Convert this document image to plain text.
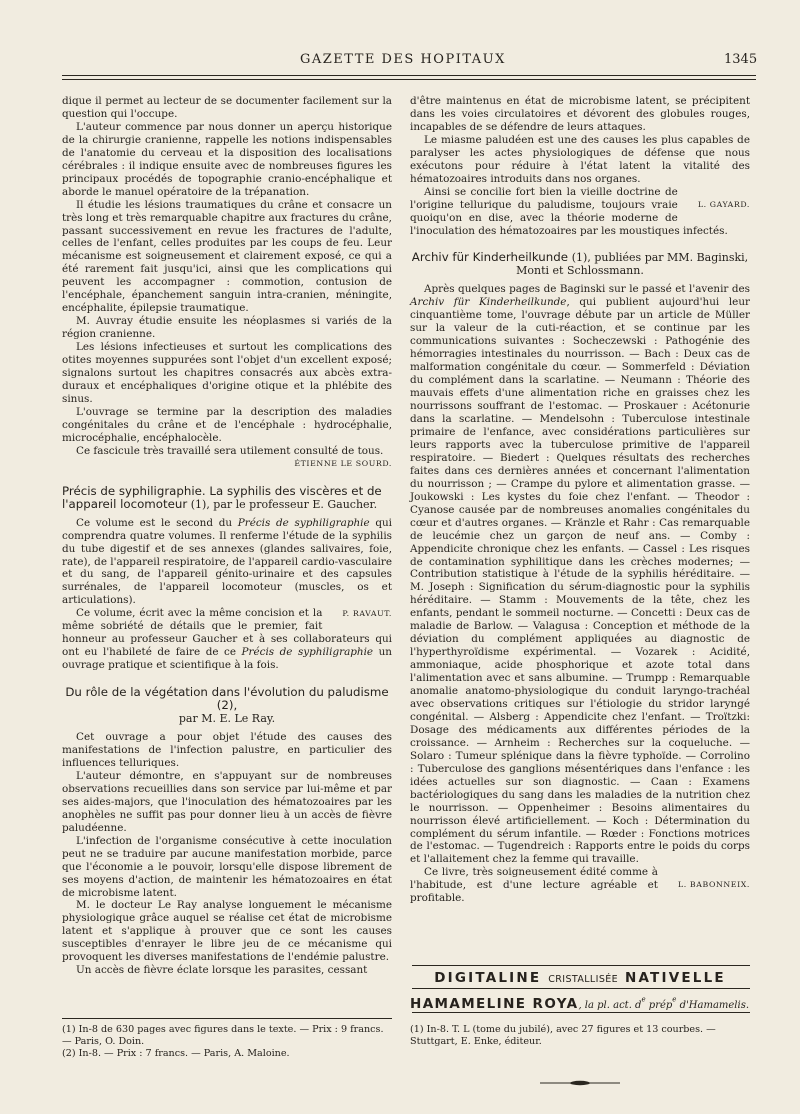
GAZETTE DES HOPITAUX	1345

dique il permet au lecteur de se documenter facilement sur la question qui l'occupe.

L'auteur commence par nous donner un aperçu historique de la chirurgie cranienne, rappelle les notions indispensables de l'anatomie du cerveau et la disposition des localisations cérébrales : il indique ensuite avec de nombreuses figures les principaux procédés de topographie cranio-encéphalique et aborde le manuel opératoire de la trépanation.

Il étudie les lésions traumatiques du crâne et consacre un très long et très remarquable chapitre aux fractures du crâne, passant successivement en revue les fractures de l'adulte, celles de l'enfant, celles produites par les coups de feu. Leur mécanisme est soigneusement et clairement exposé, ce qui a été rarement fait jusqu'ici, ainsi que les complications qui peuvent les accompagner : commotion, contusion de l'encéphale, épanchement sanguin intra-cranien, méningite, encéphalite, épilepsie traumatique.

M. Auvray étudie ensuite les néoplasmes si variés de la région cranienne.

Les lésions infectieuses et surtout les complications des otites moyennes suppurées sont l'objet d'un excellent exposé; signalons surtout les chapitres consacrés aux abcès extra-duraux et encéphaliques d'origine otique et la phlébite des sinus.

L'ouvrage se termine par la description des maladies congénitales du crâne et de l'encéphale : hydrocéphalie, microcéphalie, encéphalocèle.

Ce fascicule très travaillé sera utilement consulté de tous.

ÉTIENNE LE SOURD.
Précis de syphiligraphie. La syphilis des viscères et de l'appareil locomoteur (1), par le professeur E. Gaucher.

Ce volume est le second du Précis de syphiligraphie qui comprendra quatre volumes. Il renferme l'étude de la syphilis du tube digestif et de ses annexes (glandes salivaires, foie, rate), de l'appareil respiratoire, de l'appareil cardio-vasculaire et du sang, de l'appareil génito-urinaire et des capsules surrénales, de l'appareil locomoteur (muscles, os et articulations).

P. RAVAUT.
Ce volume, écrit avec la même concision et la même sobriété de détails que le premier, fait honneur au professeur Gaucher et à ses collaborateurs qui ont eu l'habileté de faire de ce Précis de syphiligraphie un ouvrage pratique et scientifique à la fois.

Du rôle de la végétation dans l'évolution du paludisme (2),
par M. E. Le Ray.

Cet ouvrage a pour objet l'étude des causes des manifestations de l'infection palustre, en particulier des influences telluriques.

L'auteur démontre, en s'appuyant sur de nombreuses observations recueillies dans son service par lui-même et par ses aides-majors, que l'inoculation des hématozoaires par les anophèles ne suffit pas pour donner lieu à un accès de fièvre paludéenne.

L'infection de l'organisme consécutive à cette inoculation peut ne se traduire par aucune manifestation morbide, parce que l'économie a le pouvoir, lorsqu'elle dispose librement de ses moyens d'action, de maintenir les hématozoaires en état de microbisme latent.

M. le docteur Le Ray analyse longuement le mécanisme physiologique grâce auquel se réalise cet état de microbisme latent et s'applique à prouver que ce sont les causes susceptibles d'enrayer le libre jeu de ce mécanisme qui provoquent les diverses manifestations de l'endémie palustre.

Un accès de fièvre éclate lorsque les parasites, cessant

(1) In-8 de 630 pages avec figures dans le texte. — Prix : 9 francs. — Paris, O. Doin.
(2) In-8. — Prix : 7 francs. — Paris, A. Maloine.

d'être maintenus en état de microbisme latent, se précipitent dans les voies circulatoires et dévorent des globules rouges, incapables de se défendre de leurs attaques.

Le miasme paludéen est une des causes les plus capables de paralyser les actes physiologiques de défense que nous exécutons pour réduire à l'état latent la vitalité des hématozoaires introduits dans nos organes.

L. GAYARD.
Ainsi se concilie fort bien la vieille doctrine de l'origine tellurique du paludisme, toujours vraie quoiqu'on en dise, avec la théorie moderne de l'inoculation des hématozoaires par les moustiques infectés.

Archiv für Kinderheilkunde (1), publiées par MM. Baginski,
Monti et Schlossmann.

Après quelques pages de Baginski sur le passé et l'avenir des Archiv für Kinderheilkunde, qui publient aujourd'hui leur cinquantième tome, l'ouvrage débute par un article de Müller sur la valeur de la cuti-réaction, et se continue par les communications suivantes : Socheczewski : Pathogénie des hémorragies intestinales du nourrisson. — Bach : Deux cas de malformation congénitale du cœur. — Sommerfeld : Déviation du complément dans la scarlatine. — Neumann : Théorie des mauvais effets d'une alimentation riche en graisses chez les nourrissons souffrant de l'estomac. — Proskauer : Acétonurie dans la scarlatine. — Mendelsohn : Tuberculose intestinale primaire de l'enfance, avec considérations particulières sur leurs rapports avec la tuberculose primitive de l'appareil respiratoire. — Biedert : Quelques résultats des recherches faites dans ces dernières années et concernant l'alimentation du nourrisson ; — Crampe du pylore et alimentation grasse. — Joukowski : Les kystes du foie chez l'enfant. — Theodor : Cyanose causée par de nombreuses anomalies congénitales du cœur et d'autres organes. — Kränzle et Rahr : Cas remarquable de leucémie chez un garçon de neuf ans. — Comby : Appendicite chronique chez les enfants. — Cassel : Les risques de contamination syphilitique dans les crèches modernes; — Contribution statistique à l'étude de la syphilis héréditaire. — M. Joseph : Signification du sérum-diagnostic pour la syphilis héréditaire. — Stamm : Mouvements de la tête, chez les enfants, pendant le sommeil nocturne. — Concetti : Deux cas de maladie de Barlow. — Valagusa : Conception et méthode de la déviation du complément appliquées au diagnostic de l'hyperthyroïdisme expérimental. — Vozarek : Acidité, ammoniaque, acide phosphorique et azote total dans l'alimentation avec et sans albumine. — Trumpp : Remarquable anomalie anatomo-physiologique du conduit laryngo-trachéal avec observations critiques sur l'étiologie du stridor laryngé congénital. — Alsberg : Appendicite chez l'enfant. — Troïtzki: Dosage des médicaments aux différentes périodes de la croissance. — Arnheim : Recherches sur la coqueluche. — Solaro : Tumeur splénique dans la fièvre typhoïde. — Corrolino : Tuberculose des ganglions mésentériques dans l'enfance : les idées actuelles sur son diagnostic. — Caan : Examens bactériologiques du sang dans les maladies de la nutrition chez le nourrisson. — Oppenheimer : Besoins alimentaires du nourrisson élevé artificiellement. — Koch : Détermination du complément du sérum infantile. — Rœder : Fonctions motrices de l'estomac. — Tugendreich : Rapports entre le poids du corps et l'allaitement chez la femme qui travaille.

L. BABONNEIX.
Ce livre, très soigneusement édité comme à l'habitude, est d'une lecture agréable et profitable.

DIGITALINE CRISTALLISÉE NATIVELLE
HAMAMELINE ROYA, la pl. act. $d^e$ prép$^e$ d'Hamamelis.
(1) In-8. T. L (tome du jubilé), avec 27 figures et 13 courbes. — Stuttgart, E. Enke, éditeur.
